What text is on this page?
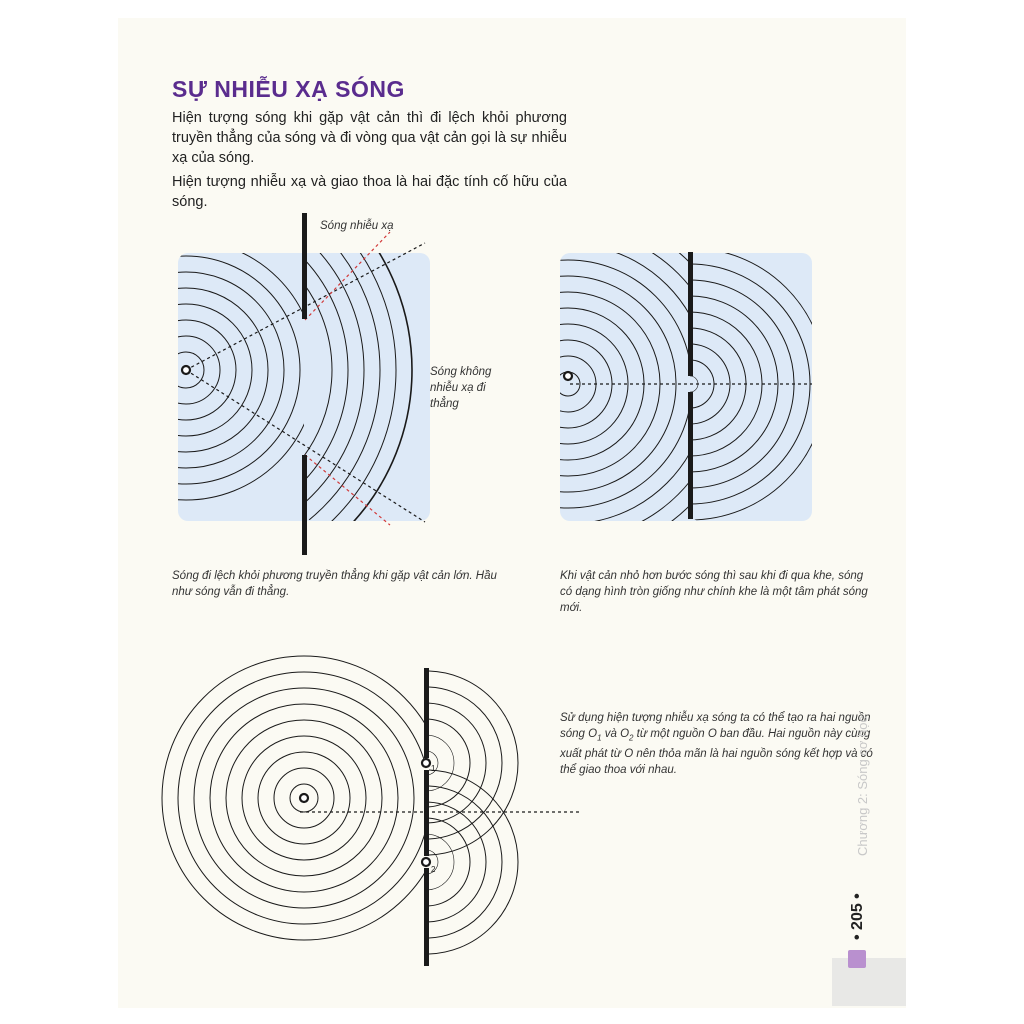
SỰ NHIỄU XẠ SÓNG
Hiện tượng sóng khi gặp vật cản thì đi lệch khỏi phương truyền thẳng của sóng và đi vòng qua vật cản gọi là sự nhiễu xạ của sóng.
Hiện tượng nhiễu xạ và giao thoa là hai đặc tính cố hữu của sóng.
Sóng nhiễu xạ
Sóng không nhiễu xạ đi thẳng
Sóng đi lệch khỏi phương truyền thẳng khi gặp vật cản lớn. Hầu như sóng vẫn đi thẳng.
Khi vật cản nhỏ hơn bước sóng thì sau khi đi qua khe, sóng có dạng hình tròn giống như chính khe là một tâm phát sóng mới.
1
2
Sử dụng hiện tượng nhiễu xạ sóng ta có thể tạo ra hai nguồn sóng $O_1$ và $O_2$ từ một nguồn O ban đầu. Hai nguồn này cùng xuất phát từ O nên thỏa mãn là hai nguồn sóng kết hợp và có thể giao thoa với nhau.	Chương 2: Sóng cơ học
• 205 •
